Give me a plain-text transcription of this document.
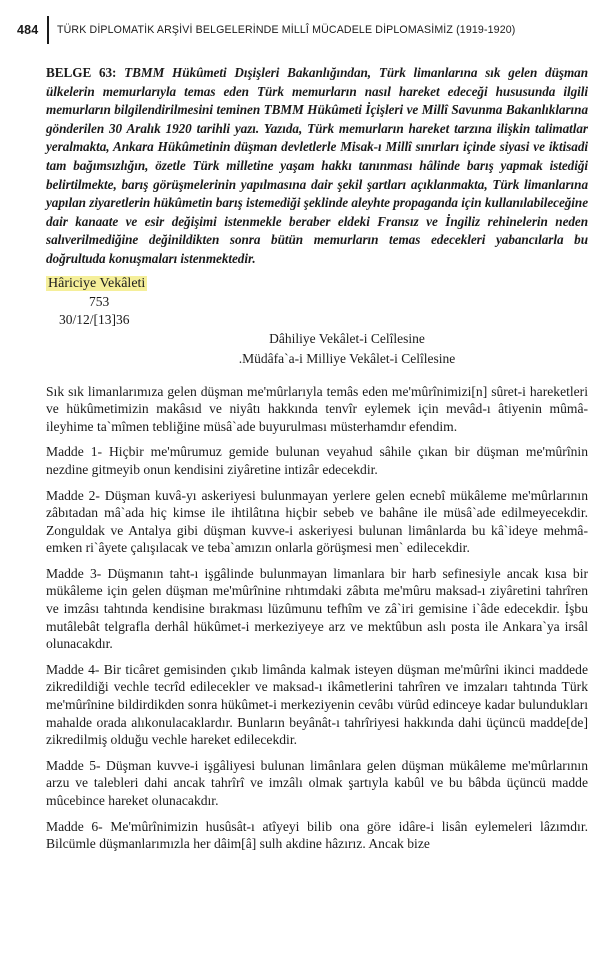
484 TÜRK DİPLOMATİK ARŞİVİ BELGELERİNDE MİLLÎ MÜCADELE DİPLOMASİMİZ (1919-1920)

BELGE 63: TBMM Hükûmeti Dışişleri Bakanlığından, Türk limanlarına sık gelen düşman ülkelerin memurlarıyla temas eden Türk memurların nasıl hareket edeceği hususunda ilgili memurların bilgilendirilmesini teminen TBMM Hükûmeti İçişleri ve Millî Savunma Bakanlıklarına gönderilen 30 Aralık 1920 tarihli yazı. Yazıda, Türk memurların hareket tarzına ilişkin talimatlar yeralmakta, Ankara Hükûmetinin düşman devletlerle Misak-ı Millî sınırları içinde siyasi ve iktisadi tam bağımsızlığın, özetle Türk milletine yaşam hakkı tanınması hâlinde barış yapmak istediği belirtilmekte, barış görüşmelerinin yapılmasına dair şekil şartları açıklanmakta, Türk limanlarına yapılan ziyaretlerin hükûmetin barış istemediği şeklinde aleyhte propaganda için kullanılabileceğine dair kanaate ve esir değişimi istenmekle beraber eldeki Fransız ve İngiliz rehinelerin neden salıverilmediğine değinildikten sonra bütün memurların temas edecekleri yabancılarla bu doğrultuda konuşmaları istenmektedir.

Hâriciye Vekâleti
753
30/12/[13]36
Dâhiliye Vekâlet-i Celîlesine
.Müdâfa`a-i Milliye Vekâlet-i Celîlesine

Sık sık limanlarımıza gelen düşman me'mûrlarıyla temâs eden me'mûrînimizi[n] sûret-i hareketleri ve hükûmetimizin makâsıd ve niyâtı hakkında tenvîr eylemek için mevâd-ı âtiyenin mûmâ-ileyhime ta`mîmen tebliğine müsâ`ade buyurulması müsterhamdır efendim.

Madde 1- Hiçbir me'mûrumuz gemide bulunan veyahud sâhile çıkan bir düşman me'mûrînin nezdine gitmeyib onun kendisini ziyâretine intizâr edecekdir.

Madde 2- Düşman kuvâ-yı askeriyesi bulunmayan yerlere gelen ecnebî mükâleme me'mûrlarının zâbıtadan mâ`ada hiç kimse ile ihtilâtına hiçbir sebeb ve bahâne ile müsâ`ade edilmeyecekdir. Zonguldak ve Antalya gibi düşman kuvve-i askeriyesi bulunan limânlarda bu kâ`ideye mehmâ-emken ri`âyete çalışılacak ve teba`amızın onlarla görüşmesi men` edilecekdir.

Madde 3- Düşmanın taht-ı işgâlinde bulunmayan limanlara bir harb sefinesiyle ancak kısa bir mükâleme için gelen düşman me'mûrînine rıhtımdaki zâbıta me'mûru maksad-ı ziyâretini tahrîren ve imzâsı tahtında kendisine bırakması lüzûmunu tefhîm ve zâ`iri gemisine i`âde edecekdir. İşbu mutâlebât telgrafla derhâl hükûmet-i merkeziyeye arz ve mektûbun aslı posta ile Ankara`ya irsâl olunacakdır.

Madde 4- Bir ticâret gemisinden çıkıb limânda kalmak isteyen düşman me'mûrîni ikinci maddede zikredildiği vechle tecrîd edilecekler ve maksad-ı ikâmetlerini tahrîren ve imzaları tahtında Türk me'mûrînine bildirdikden sonra hükûmet-i merkeziyenin cevâbı vürûd edinceye kadar bulundukları mahalde orada alıkonulacaklardır. Bunların beyânât-ı tahrîriyesi hakkında dahi üçüncü madde[de] zikredilmiş olduğu vechle hareket edilecekdir.

Madde 5- Düşman kuvve-i işgâliyesi bulunan limânlara gelen düşman mükâleme me'mûrlarının arzu ve talebleri dahi ancak tahrîrî ve imzâlı olmak şartıyla kabûl ve bu bâbda üçüncü madde mûcebince hareket olunacakdır.

Madde 6- Me'mûrînimizin husûsât-ı atîyeyi bilib ona göre idâre-i lisân eylemeleri lâzımdır. Bilcümle düşmanlarımızla her dâim[â] sulh akdine hâzırız. Ancak bize
